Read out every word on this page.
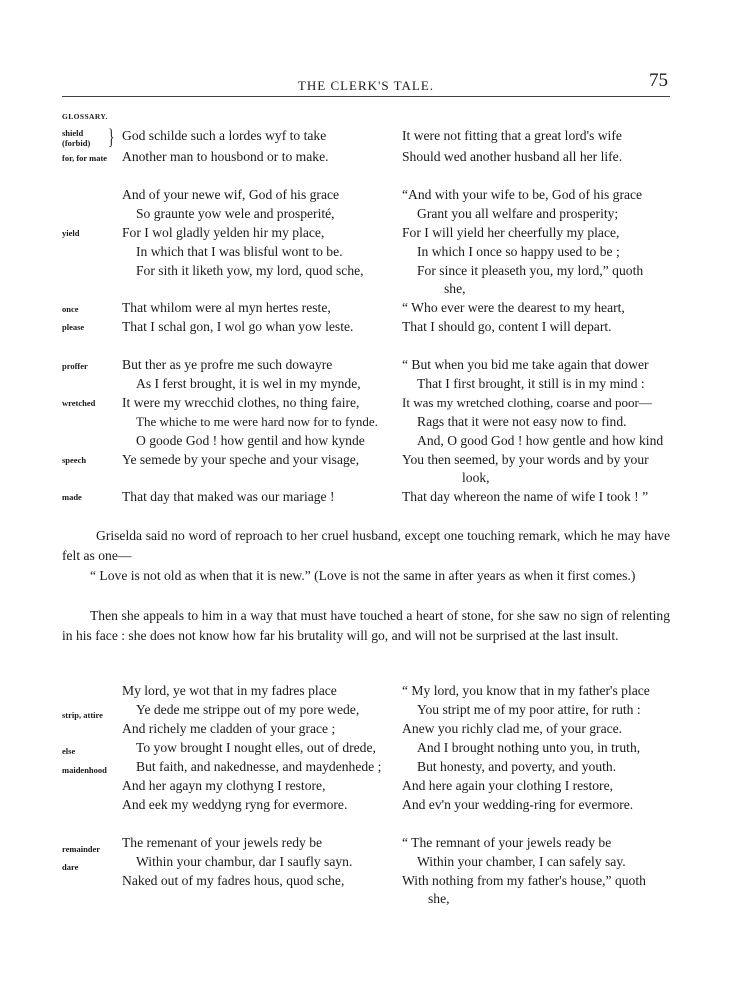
THE CLERK'S TALE.	75
GLOSSARY.
shield (forbid) }
for, for mate
yield
once
please
proffer
wretched
speech
made
strip, attire
else
maidenhood
remainder
dare
God schilde such a lordes wyf to take
Another man to housbond or to make.
And of your newe wif, God of his grace
So graunte yow wele and prosperité,
For I wol gladly yelden hir my place,
In which that I was blisful wont to be.
For sith it liketh yow, my lord, quod sche,
That whilom were al myn hertes reste,
That I schal gon, I wol go whan yow leste.
But ther as ye profre me such dowayre
As I ferst brought, it is wel in my mynde,
It were my wrecchid clothes, no thing faire,
The whiche to me were hard now for to fynde.
O goode God ! how gentil and how kynde
Ye semede by your speche and your visage,
That day that maked was our mariage !
It were not fitting that a great lord's wife
Should wed another husband all her life.
“And with your wife to be, God of his grace
Grant you all welfare and prosperity;
For I will yield her cheerfully my place,
In which I once so happy used to be ;
For since it pleaseth you, my lord,” quoth
she,
“ Who ever were the dearest to my heart,
That I should go, content I will depart.
“ But when you bid me take again that dower
That I first brought, it still is in my mind :
It was my wretched clothing, coarse and poor—
Rags that it were not easy now to find.
And, O good God ! how gentle and how kind
You then seemed, by your words and by your
look,
That day whereon the name of wife I took ! ”
Griselda said no word of reproach to her cruel husband, except one touching remark, which he may have felt as one—
“ Love is not old as when that it is new.” (Love is not the same in after years as when it first comes.)
Then she appeals to him in a way that must have touched a heart of stone, for she saw no sign of relenting in his face : she does not know how far his brutality will go, and will not be surprised at the last insult.
My lord, ye wot that in my fadres place
Ye dede me strippe out of my pore wede,
And richely me cladden of your grace ;
To yow brought I nought elles, out of drede,
But faith, and nakednesse, and maydenhede ;
And her agayn my clothyng I restore,
And eek my weddyng ryng for evermore.
The remenant of your jewels redy be
Within your chambur, dar I saufly sayn.
Naked out of my fadres hous, quod sche,
“ My lord, you know that in my father's place
You stript me of my poor attire, for ruth :
Anew you richly clad me, of your grace.
And I brought nothing unto you, in truth,
But honesty, and poverty, and youth.
And here again your clothing I restore,
And ev'n your wedding-ring for evermore.
“ The remnant of your jewels ready be
Within your chamber, I can safely say.
With nothing from my father's house,” quoth
she,
